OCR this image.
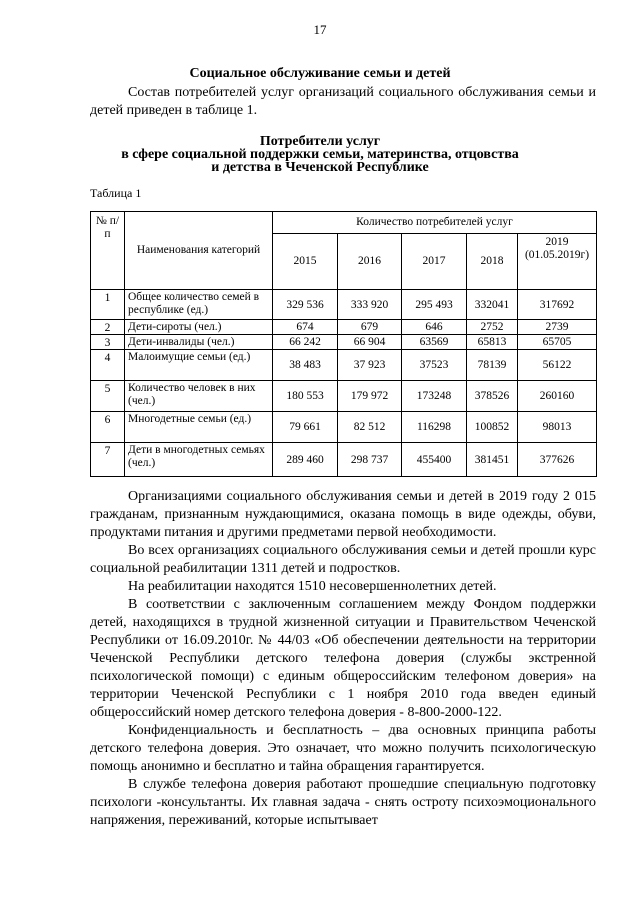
17
Социальное обслуживание семьи и детей

Состав потребителей услуг организаций социального обслуживания семьи и детей приведен в таблице 1.

Потребители услуг
в сфере социальной поддержки семьи, материнства, отцовства
и детства в Чеченской Республике
Таблица 1
№ п/п	Наименования категорий	Количество потребителей услуг				
		2015	2016	2017	2018	2019 (01.05.2019г)
1	Общее количество семей в республике (ед.)	329 536	333 920	295 493	332041	317692
2	Дети-сироты (чел.)	674	679	646	2752	2739
3	Дети-инвалиды (чел.)	66 242	66 904	63569	65813	65705
4	Малоимущие семьи (ед.)	38 483	37 923	37523	78139	56122
5	Количество человек в них (чел.)	180 553	179 972	173248	378526	260160
6	Многодетные семьи (ед.)	79 661	82 512	116298	100852	98013
7	Дети в многодетных семьях (чел.)	289 460	298 737	455400	381451	377626

Организациями социального обслуживания семьи и детей в 2019 году 2 015 гражданам, признанным нуждающимися, оказана помощь в виде одежды, обуви, продуктами питания и другими предметами первой необходимости.

Во всех организациях социального обслуживания семьи и детей прошли курс социальной реабилитации 1311 детей и подростков.

На реабилитации находятся 1510 несовершеннолетних детей.

В соответствии с заключенным соглашением между Фондом поддержки детей, находящихся в трудной жизненной ситуации и Правительством Чеченской Республики от 16.09.2010г. № 44/03 «Об обеспечении деятельности на территории Чеченской Республики детского телефона доверия (службы экстренной психологической помощи) с единым общероссийским телефоном доверия» на территории Чеченской Республики с 1 ноября 2010 года введен единый общероссийский номер детского телефона доверия - 8-800-2000-122.

Конфиденциальность и бесплатность – два основных принципа работы детского телефона доверия. Это означает, что можно получить психологическую помощь анонимно и бесплатно и тайна обращения гарантируется.

В службе телефона доверия работают прошедшие специальную подготовку психологи -консультанты. Их главная задача - снять остроту психоэмоционального напряжения, переживаний, которые испытывает
